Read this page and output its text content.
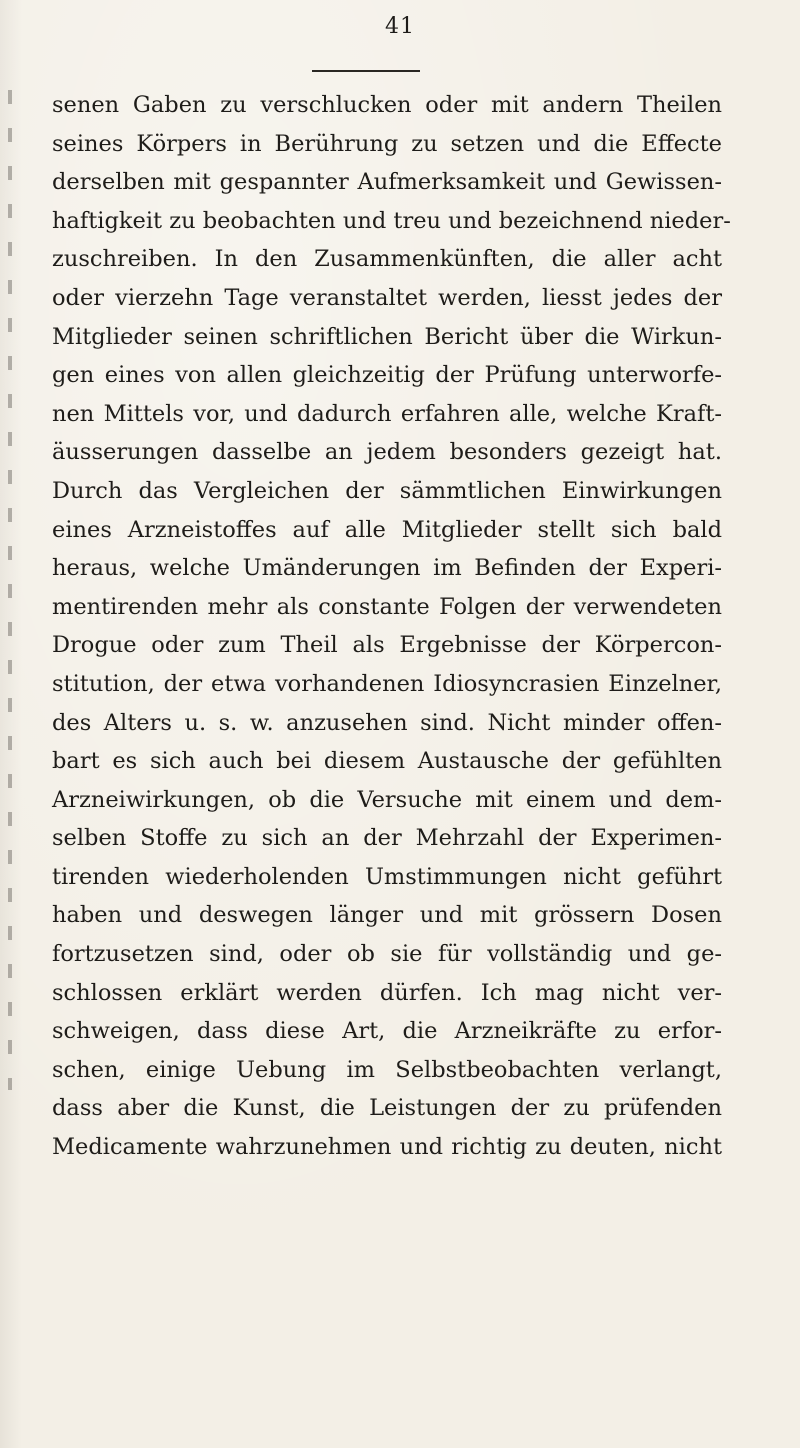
41
senen Gaben zu verschlucken oder mit andern Theilen
seines Körpers in Berührung zu setzen und die Effecte
derselben mit gespannter Aufmerksamkeit und Gewissen-
haftigkeit zu beobachten und treu und bezeichnend nieder-
zuschreiben. In den Zusammenkünften, die aller acht
oder vierzehn Tage veranstaltet werden, liesst jedes der
Mitglieder seinen schriftlichen Bericht über die Wirkun-
gen eines von allen gleichzeitig der Prüfung unterworfe-
nen Mittels vor, und dadurch erfahren alle, welche Kraft-
äusserungen dasselbe an jedem besonders gezeigt hat.
Durch das Vergleichen der sämmtlichen Einwirkungen
eines Arzneistoffes auf alle Mitglieder stellt sich bald
heraus, welche Umänderungen im Befinden der Experi-
mentirenden mehr als constante Folgen der verwendeten
Drogue oder zum Theil als Ergebnisse der Körpercon-
stitution, der etwa vorhandenen Idiosyncrasien Einzelner,
des Alters u. s. w. anzusehen sind. Nicht minder offen-
bart es sich auch bei diesem Austausche der gefühlten
Arzneiwirkungen, ob die Versuche mit einem und dem-
selben Stoffe zu sich an der Mehrzahl der Experimen-
tirenden wiederholenden Umstimmungen nicht geführt
haben und deswegen länger und mit grössern Dosen
fortzusetzen sind, oder ob sie für vollständig und ge-
schlossen erklärt werden dürfen. Ich mag nicht ver-
schweigen, dass diese Art, die Arzneikräfte zu erfor-
schen, einige Uebung im Selbstbeobachten verlangt,
dass aber die Kunst, die Leistungen der zu prüfenden
Medicamente wahrzunehmen und richtig zu deuten, nicht
